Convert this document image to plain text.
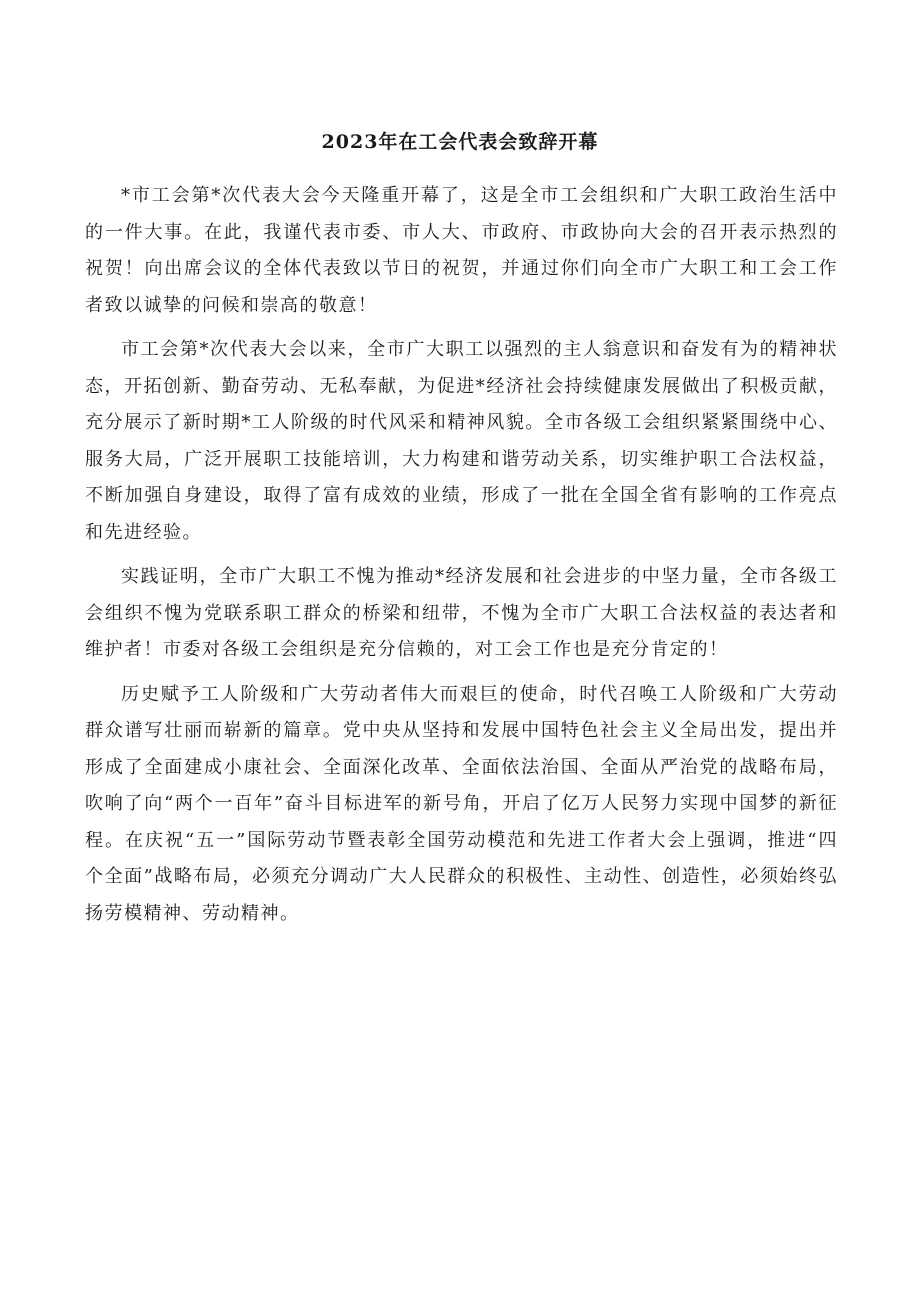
2023年在工会代表会致辞开幕

*市工会第*次代表大会今天隆重开幕了，这是全市工会组织和广大职工政治生活中的一件大事。在此，我谨代表市委、市人大、市政府、市政协向大会的召开表示热烈的祝贺！向出席会议的全体代表致以节日的祝贺，并通过你们向全市广大职工和工会工作者致以诚挚的问候和崇高的敬意！

市工会第*次代表大会以来，全市广大职工以强烈的主人翁意识和奋发有为的精神状态，开拓创新、勤奋劳动、无私奉献，为促进*经济社会持续健康发展做出了积极贡献，充分展示了新时期*工人阶级的时代风采和精神风貌。全市各级工会组织紧紧围绕中心、服务大局，广泛开展职工技能培训，大力构建和谐劳动关系，切实维护职工合法权益，不断加强自身建设，取得了富有成效的业绩，形成了一批在全国全省有影响的工作亮点和先进经验。

实践证明，全市广大职工不愧为推动*经济发展和社会进步的中坚力量，全市各级工会组织不愧为党联系职工群众的桥梁和纽带，不愧为全市广大职工合法权益的表达者和维护者！市委对各级工会组织是充分信赖的，对工会工作也是充分肯定的！

历史赋予工人阶级和广大劳动者伟大而艰巨的使命，时代召唤工人阶级和广大劳动群众谱写壮丽而崭新的篇章。党中央从坚持和发展中国特色社会主义全局出发，提出并形成了全面建成小康社会、全面深化改革、全面依法治国、全面从严治党的战略布局，吹响了向“两个一百年”奋斗目标进军的新号角，开启了亿万人民努力实现中国梦的新征程。在庆祝“五一”国际劳动节暨表彰全国劳动模范和先进工作者大会上强调，推进“四个全面”战略布局，必须充分调动广大人民群众的积极性、主动性、创造性，必须始终弘扬劳模精神、劳动精神。
